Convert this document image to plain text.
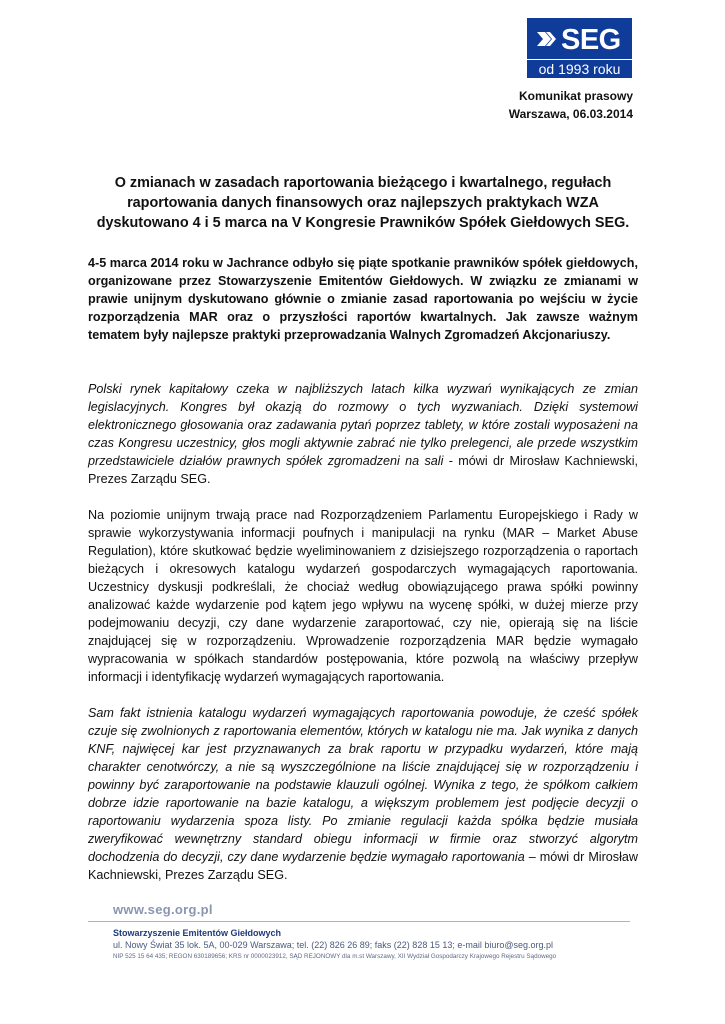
SEG
od 1993 roku
Komunikat prasowy
Warszawa, 06.03.2014
O zmianach w zasadach raportowania bieżącego i kwartalnego, regułach raportowania danych finansowych oraz najlepszych praktykach WZA dyskutowano 4 i 5 marca na V Kongresie Prawników Spółek Giełdowych SEG.

4-5 marca 2014 roku w Jachrance odbyło się piąte spotkanie prawników spółek giełdowych, organizowane przez Stowarzyszenie Emitentów Giełdowych. W związku ze zmianami w prawie unijnym dyskutowano głównie o zmianie zasad raportowania po wejściu w życie rozporządzenia MAR oraz o przyszłości raportów kwartalnych. Jak zawsze ważnym tematem były najlepsze praktyki przeprowadzania Walnych Zgromadzeń Akcjonariuszy.

Polski rynek kapitałowy czeka w najbliższych latach kilka wyzwań wynikających ze zmian legislacyjnych. Kongres był okazją do rozmowy o tych wyzwaniach. Dzięki systemowi elektronicznego głosowania oraz zadawania pytań poprzez tablety, w które zostali wyposażeni na czas Kongresu uczestnicy, głos mogli aktywnie zabrać nie tylko prelegenci, ale przede wszystkim przedstawiciele działów prawnych spółek zgromadzeni na sali - mówi dr Mirosław Kachniewski, Prezes Zarządu SEG.

Na poziomie unijnym trwają prace nad Rozporządzeniem Parlamentu Europejskiego i Rady w sprawie wykorzystywania informacji poufnych i manipulacji na rynku (MAR – Market Abuse Regulation), które skutkować będzie wyeliminowaniem z dzisiejszego rozporządzenia o raportach bieżących i okresowych katalogu wydarzeń gospodarczych wymagających raportowania. Uczestnicy dyskusji podkreślali, że chociaż według obowiązującego prawa spółki powinny analizować każde wydarzenie pod kątem jego wpływu na wycenę spółki, w dużej mierze przy podejmowaniu decyzji, czy dane wydarzenie zaraportować, czy nie, opierają się na liście znajdującej się w rozporządzeniu. Wprowadzenie rozporządzenia MAR będzie wymagało wypracowania w spółkach standardów postępowania, które pozwolą na właściwy przepływ informacji i identyfikację wydarzeń wymagających raportowania.

Sam fakt istnienia katalogu wydarzeń wymagających raportowania powoduje, że cześć spółek czuje się zwolnionych z raportowania elementów, których w katalogu nie ma. Jak wynika z danych KNF, najwięcej kar jest przyznawanych za brak raportu w przypadku wydarzeń, które mają charakter cenotwórczy, a nie są wyszczególnione na liście znajdującej się w rozporządzeniu i powinny być zaraportowanie na podstawie klauzuli ogólnej. Wynika z tego, że spółkom całkiem dobrze idzie raportowanie na bazie katalogu, a większym problemem jest podjęcie decyzji o raportowaniu wydarzenia spoza listy. Po zmianie regulacji każda spółka będzie musiała zweryfikować wewnętrzny standard obiegu informacji w firmie oraz stworzyć algorytm dochodzenia do decyzji, czy dane wydarzenie będzie wymagało raportowania – mówi dr Mirosław Kachniewski, Prezes Zarządu SEG.

www.seg.org.pl
Stowarzyszenie Emitentów Giełdowych
ul. Nowy Świat 35 lok. 5A, 00-029 Warszawa; tel. (22) 826 26 89; faks (22) 828 15 13; e-mail biuro@seg.org.pl
NIP 525 15 64 435; REGON 630189656; KRS nr 0000023912, SĄD REJONOWY dla m.st Warszawy, XII Wydział Gospodarczy Krajowego Rejestru Sądowego
